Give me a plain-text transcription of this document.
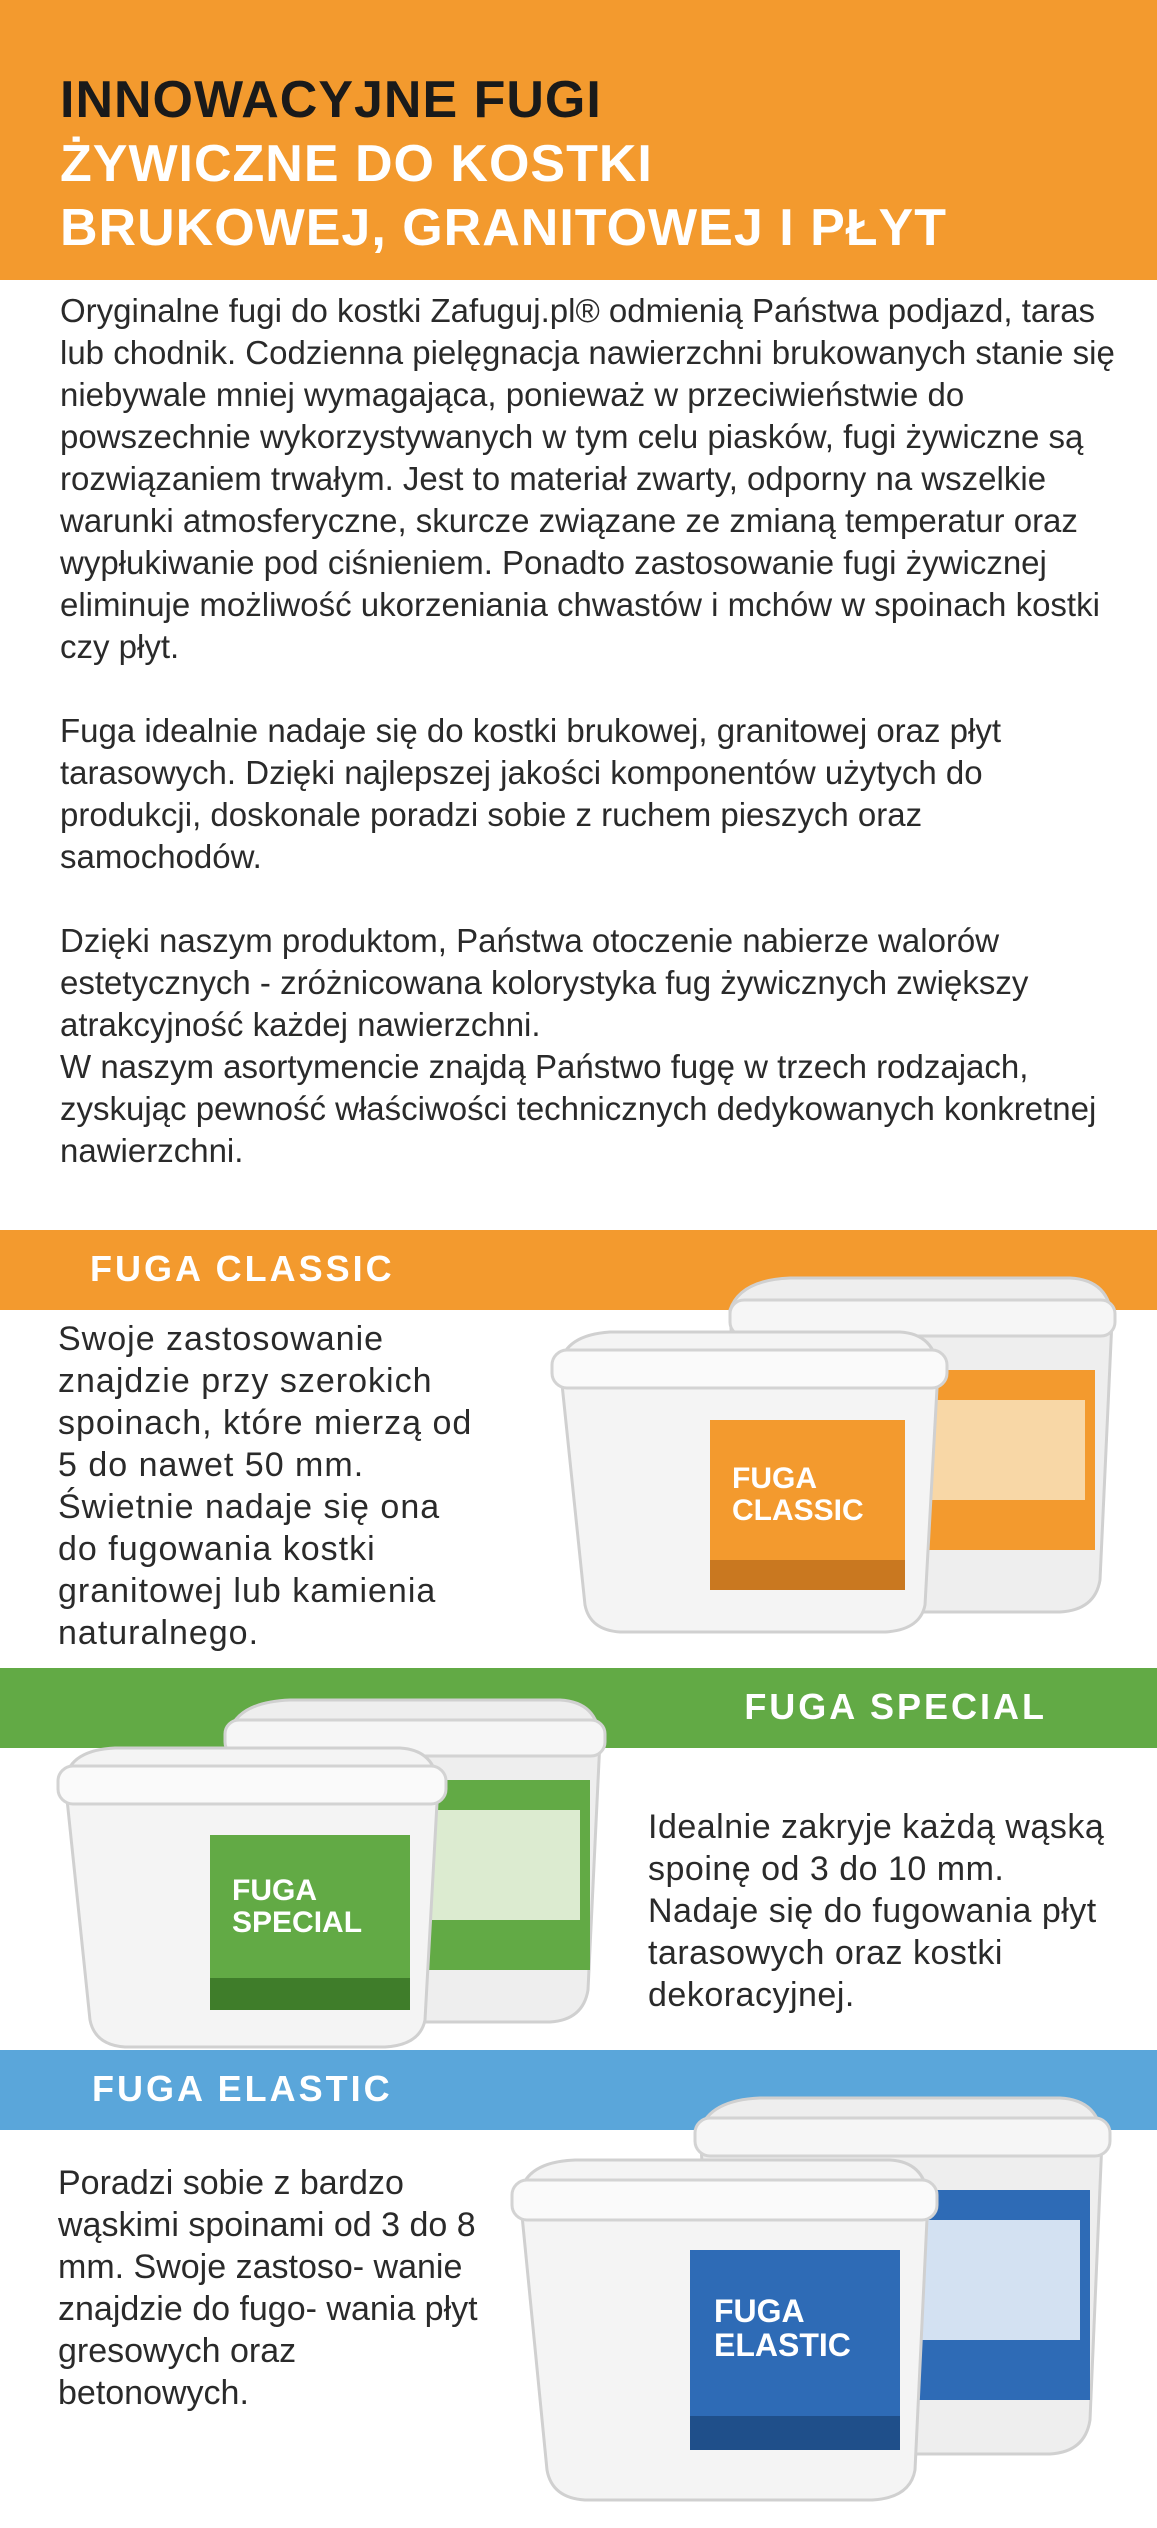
INNOWACYJNE FUGI
ŻYWICZNE DO KOSTKI
BRUKOWEJ, GRANITOWEJ I PŁYT

Oryginalne fugi do kostki Zafuguj.pl® odmienią Państwa podjazd, taras lub chodnik. Codzienna pielęgnacja nawierzchni brukowanych stanie się niebywale mniej wymagająca, ponieważ w przeciwieństwie do powszechnie wykorzystywanych w tym celu piasków, fugi żywiczne są rozwiązaniem trwałym. Jest to materiał zwarty, odporny na wszelkie warunki atmosferyczne, skurcze związane ze zmianą temperatur oraz wypłukiwanie pod ciśnieniem. Ponadto zastosowanie fugi żywicznej eliminuje możliwość ukorzeniania chwastów i mchów w spoinach kostki czy płyt.

Fuga idealnie nadaje się do kostki brukowej, granitowej oraz płyt tarasowych. Dzięki najlepszej jakości komponentów użytych do produkcji, doskonale poradzi sobie z ruchem pieszych oraz samochodów.

Dzięki naszym produktom, Państwa otoczenie nabierze walorów estetycznych - zróżnicowana kolorystyka fug żywicznych zwiększy atrakcyjność każdej nawierzchni.

W naszym asortymencie znajdą Państwo fugę w trzech rodzajach, zyskując pewność właściwości technicznych dedykowanych konkretnej nawierzchni.

FUGA CLASSIC
Swoje zastosowanie znajdzie przy szerokich spoinach, które mierzą od 5 do nawet 50 mm. Świetnie nadaje się ona do fugowania kostki granitowej lub kamienia naturalnego.
FUGA
CLASSIC
FUGA SPECIAL
FUGA
SPECIAL
Idealnie zakryje każdą wąską spoinę od 3 do 10 mm. Nadaje się do fugowania płyt tarasowych oraz kostki dekoracyjnej.
FUGA ELASTIC
Poradzi sobie z bardzo wąskimi spoinami od 3 do 8 mm. Swoje zastoso- wanie znajdzie do fugo- wania płyt gresowych oraz betonowych.
FUGA
ELASTIC
